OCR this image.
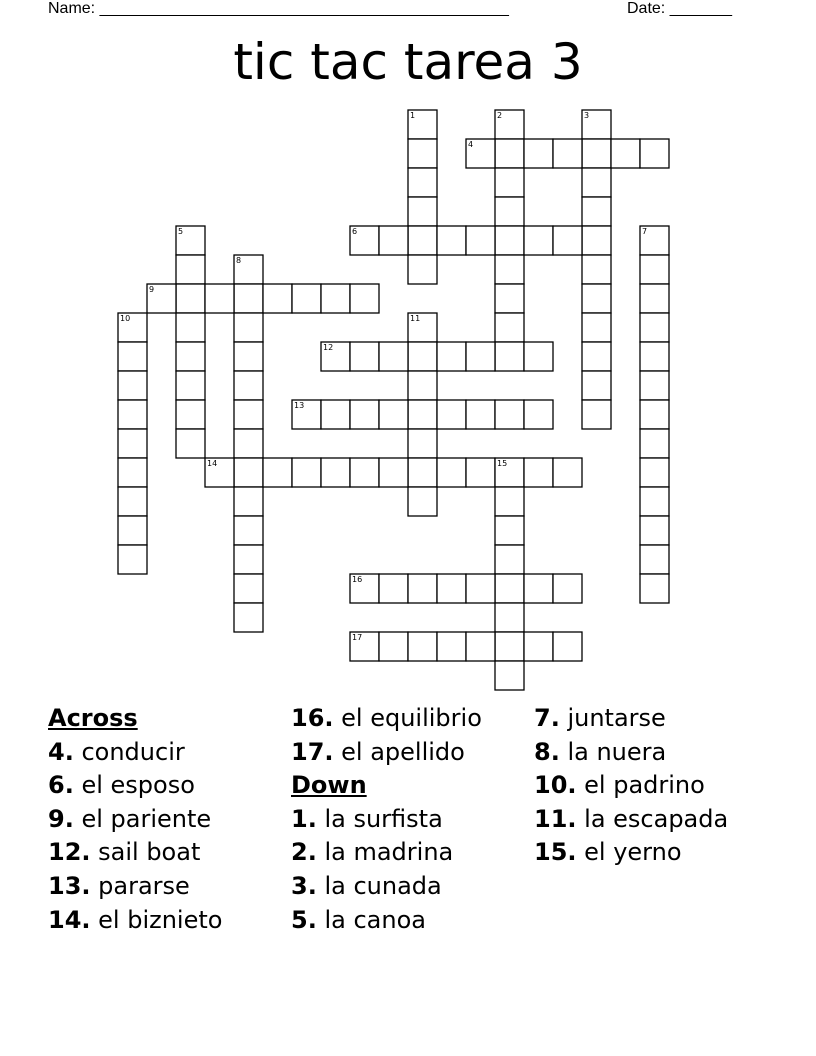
Name: ______________________________________________	Date: _______
tic tac tarea 3
1	2	3
4
5	6	7
8
9
10	11
12
13
14	15
16
17
Across
4. conducir
6. el esposo
9. el pariente
12. sail boat
13. pararse
14. el biznieto
16. el equilibrio
17. el apellido
Down
1. la surfista
2. la madrina
3. la cunada
5. la canoa
7. juntarse
8. la nuera
10. el padrino
11. la escapada
15. el yerno
